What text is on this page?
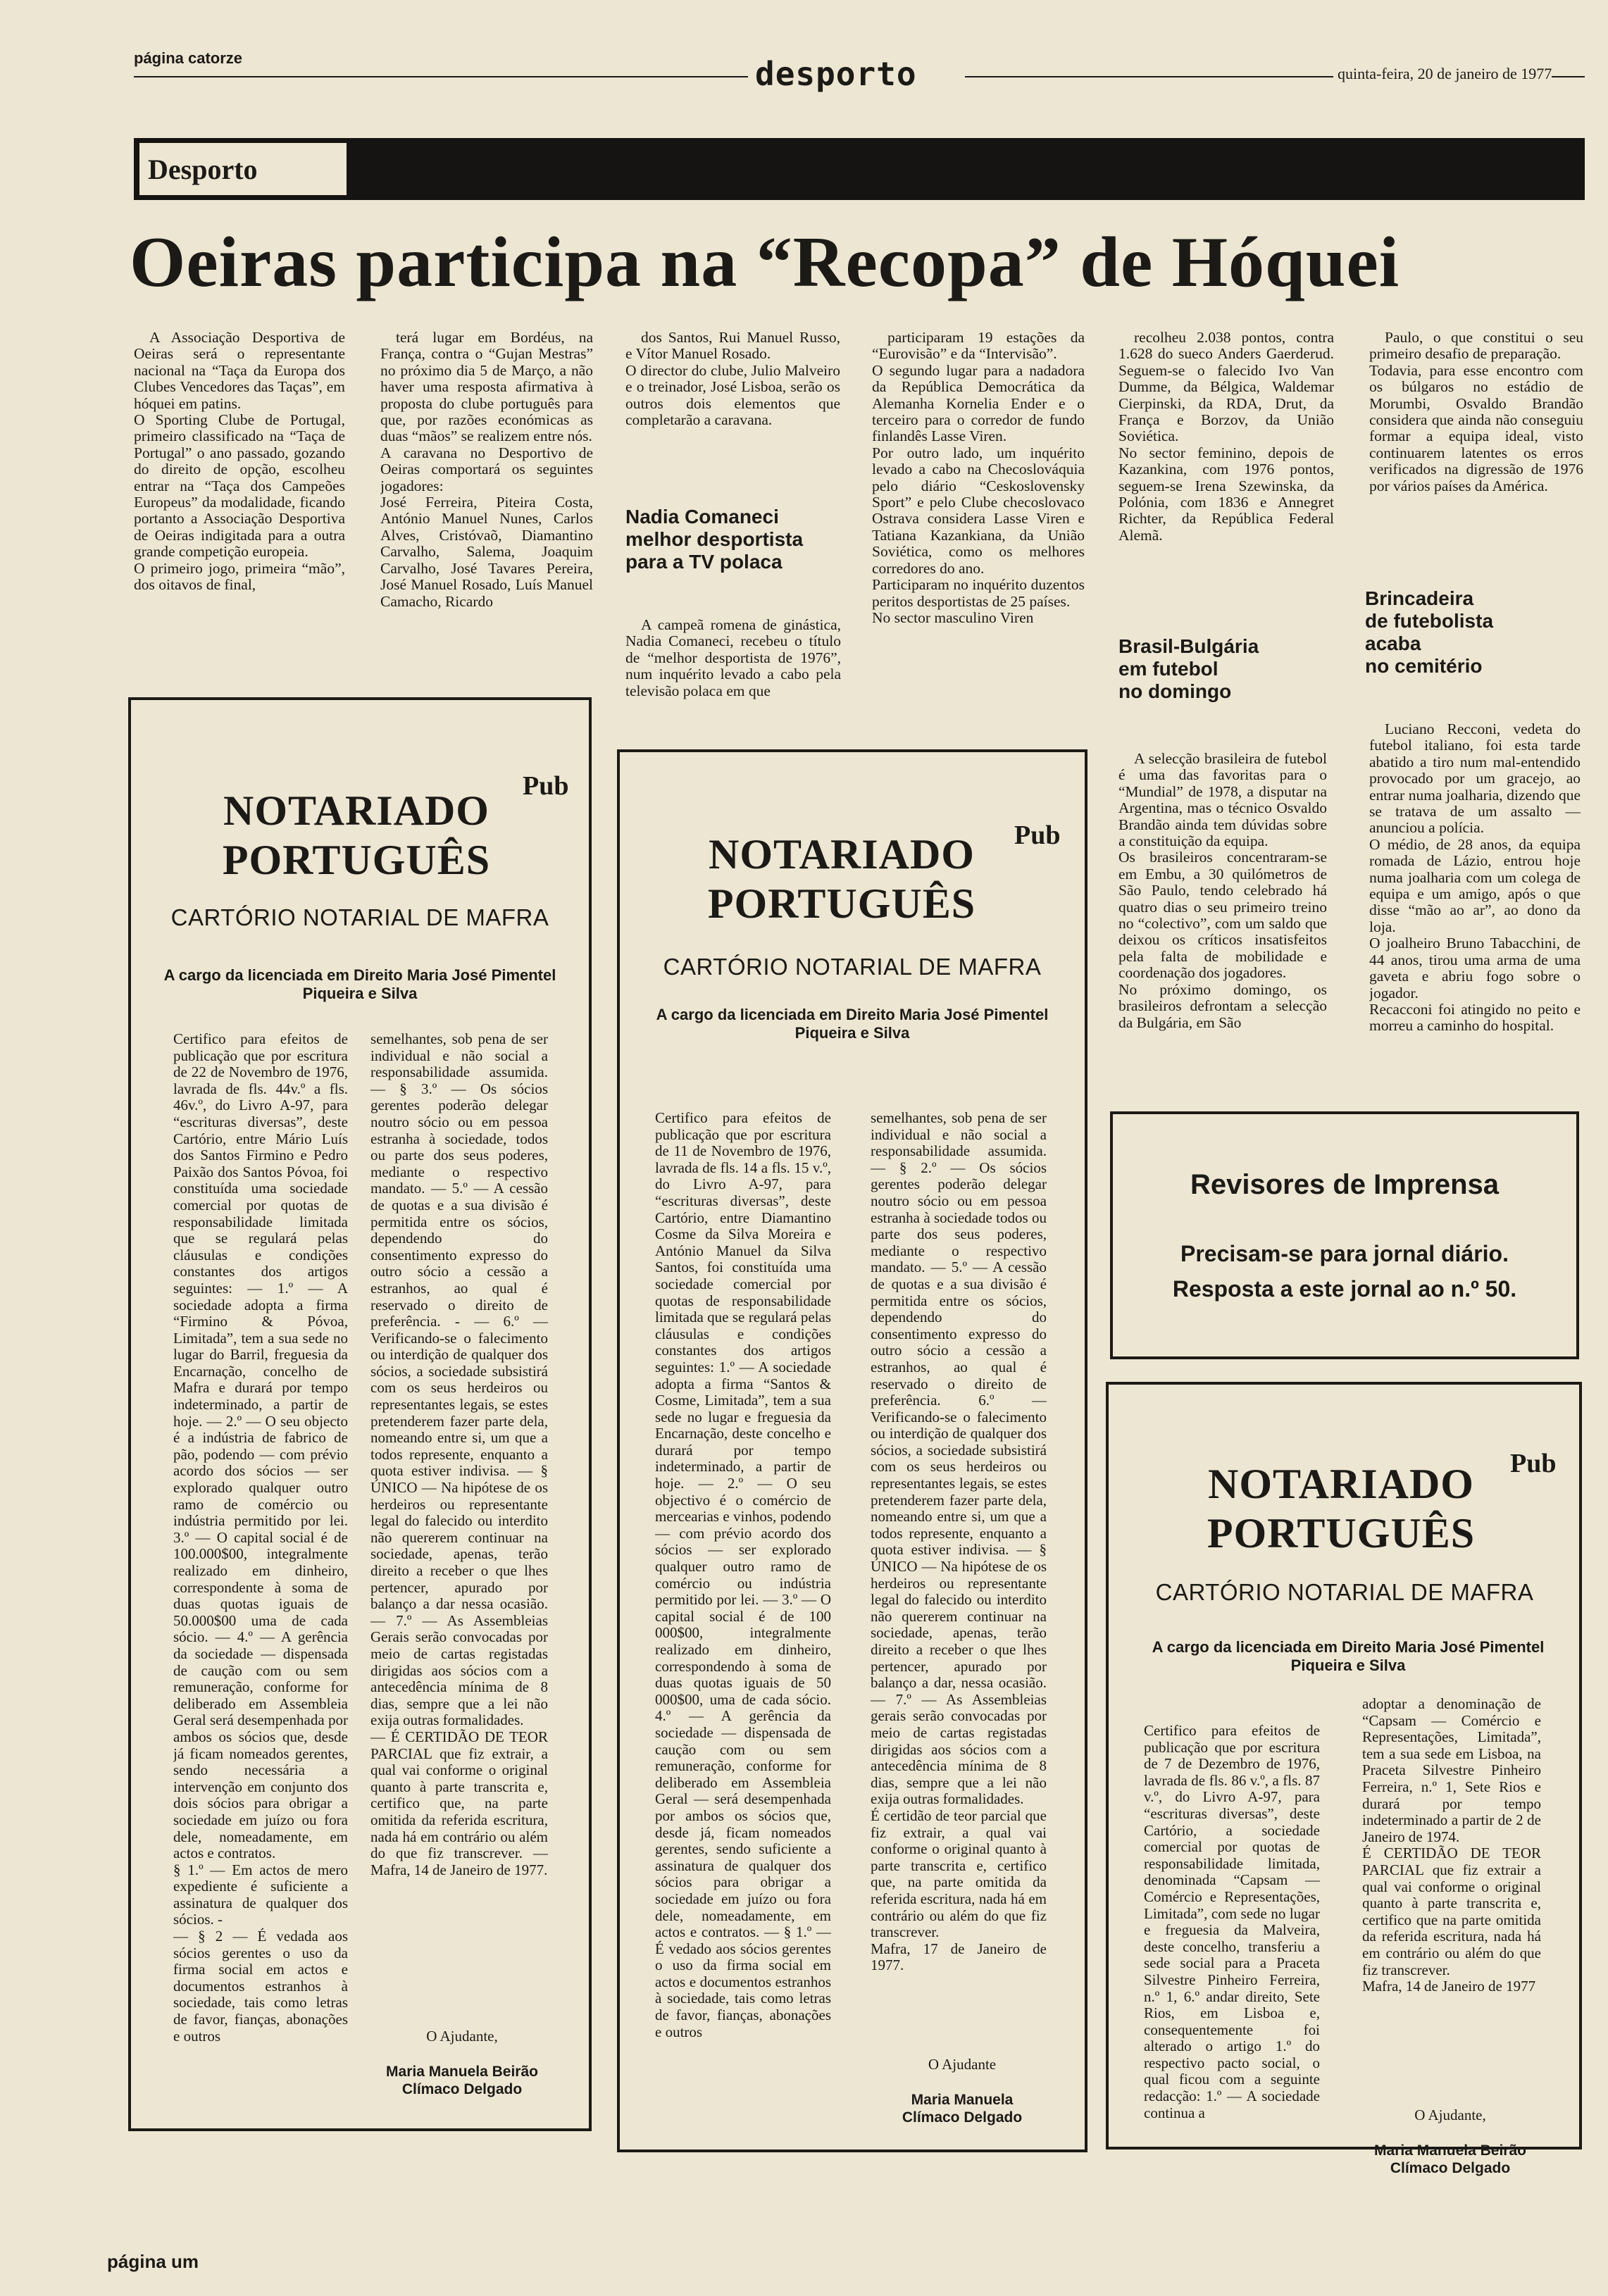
página catorze	desporto	quinta-feira, 20 de janeiro de 1977
Desporto
Oeiras participa na “Recopa” de Hóquei
A Associação Desportiva de Oeiras será o representante nacional na “Taça da Europa dos Clubes Vencedores das Taças”, em hóquei em patins.
O Sporting Clube de Portugal, primeiro classificado na “Taça de Portugal” o ano passado, gozando do direito de opção, escolheu entrar na “Taça dos Campeões Europeus” da modalidade, ficando portanto a Associação Desportiva de Oeiras indigitada para a outra grande competição europeia.
O primeiro jogo, primeira “mão”, dos oitavos de final,
terá lugar em Bordéus, na França, contra o “Gujan Mestras” no próximo dia 5 de Março, a não haver uma resposta afirmativa à proposta do clube português para que, por razões económicas as duas “mãos” se realizem entre nós.
A caravana no Desportivo de Oeiras comportará os seguintes jogadores:
José Ferreira, Piteira Costa, António Manuel Nunes, Carlos Alves, Cristóvaõ, Diamantino Carvalho, Salema, Joaquim Carvalho, José Tavares Pereira, José Manuel Rosado, Luís Manuel Camacho, Ricardo
dos Santos, Rui Manuel Russo, e Vítor Manuel Rosado.
O director do clube, Julio Malveiro e o treinador, José Lisboa, serão os outros dois elementos que completarão a caravana.
Nadia Comaneci
melhor desportista
para a TV polaca
A campeã romena de ginástica, Nadia Comaneci, recebeu o título de “melhor desportista de 1976”, num inquérito levado a cabo pela televisão polaca em que
participaram 19 estações da “Eurovisão” e da “Intervisão”.
O segundo lugar para a nadadora da República Democrática da Alemanha Kornelia Ender e o terceiro para o corredor de fundo finlandês Lasse Viren.
Por outro lado, um inquérito levado a cabo na Checoslováquia pelo diário “Ceskoslovensky Sport” e pelo Clube checoslovaco Ostrava considera Lasse Viren e Tatiana Kazankiana, da União Soviética, como os melhores corredores do ano.
Participaram no inquérito duzentos peritos desportistas de 25 países.
No sector masculino Viren
recolheu 2.038 pontos, contra 1.628 do sueco Anders Gaerderud. Seguem-se o falecido Ivo Van Dumme, da Bélgica, Waldemar Cierpinski, da RDA, Drut, da França e Borzov, da União Soviética.
No sector feminino, depois de Kazankina, com 1976 pontos, seguem-se Irena Szewinska, da Polónia, com 1836 e Annegret Richter, da República Federal Alemã.
Paulo, o que constitui o seu primeiro desafio de preparação.
Todavia, para esse encontro com os búlgaros no estádio de Morumbi, Osvaldo Brandão considera que ainda não conseguiu formar a equipa ideal, visto continuarem latentes os erros verificados na digressão de 1976 por vários países da América.
Brasil-Bulgária
em futebol
no domingo
A selecção brasileira de futebol é uma das favoritas para o “Mundial” de 1978, a disputar na Argentina, mas o técnico Osvaldo Brandão ainda tem dúvidas sobre a constituição da equipa.
Os brasileiros concentraram-se em Embu, a 30 quilómetros de São Paulo, tendo celebrado há quatro dias o seu primeiro treino no “colectivo”, com um saldo que deixou os críticos insatisfeitos pela falta de mobilidade e coordenação dos jogadores.
No próximo domingo, os brasileiros defrontam a selecção da Bulgária, em São
Brincadeira
de futebolista
acaba
no cemitério
Luciano Recconi, vedeta do futebol italiano, foi esta tarde abatido a tiro num mal-entendido provocado por um gracejo, ao entrar numa joalharia, dizendo que se tratava de um assalto — anunciou a polícia.
O médio, de 28 anos, da equipa romada de Lázio, entrou hoje numa joalharia com um colega de equipa e um amigo, após o que disse “mão ao ar”, ao dono da loja.
O joalheiro Bruno Tabacchini, de 44 anos, tirou uma arma de uma gaveta e abriu fogo sobre o jogador.
Recacconi foi atingido no peito e morreu a caminho do hospital.
Revisores de Imprensa
Precisam-se para jornal diário.
Resposta a este jornal ao n.º 50.
Pub
NOTARIADO
PORTUGUÊS
CARTÓRIO NOTARIAL DE MAFRA
A cargo da licenciada em Direito Maria José Pimentel
Piqueira e Silva
Certifico para efeitos de publicação que por escritura de 22 de Novembro de 1976, lavrada de fls. 44v.º a fls. 46v.º, do Livro A-97, para “escrituras diversas”, deste Cartório, entre Mário Luís dos Santos Firmino e Pedro Paixão dos Santos Póvoa, foi constituída uma sociedade comercial por quotas de responsabilidade limitada que se regulará pelas cláusulas e condições constantes dos artigos seguintes: — 1.º — A sociedade adopta a firma “Firmino & Póvoa, Limitada”, tem a sua sede no lugar do Barril, freguesia da Encarnação, concelho de Mafra e durará por tempo indeterminado, a partir de hoje. — 2.º — O seu objecto é a indústria de fabrico de pão, podendo — com prévio acordo dos sócios — ser explorado qualquer outro ramo de comércio ou indústria permitido por lei. 3.º — O capital social é de 100.000$00, integralmente realizado em dinheiro, correspondente à soma de duas quotas iguais de 50.000$00 uma de cada sócio. — 4.º — A gerência da sociedade — dispensada de caução com ou sem remuneração, conforme for deliberado em Assembleia Geral será desempenhada por ambos os sócios que, desde já ficam nomeados gerentes, sendo necessária a intervenção em conjunto dos dois sócios para obrigar a sociedade em juízo ou fora dele, nomeadamente, em actos e contratos.
§ 1.º — Em actos de mero expediente é suficiente a assinatura de qualquer dos sócios. -
— § 2 — É vedada aos sócios gerentes o uso da firma social em actos e documentos estranhos à sociedade, tais como letras de favor, fianças, abonações e outros
semelhantes, sob pena de ser individual e não social a responsabilidade assumida. — § 3.º — Os sócios gerentes poderão delegar noutro sócio ou em pessoa estranha à sociedade, todos ou parte dos seus poderes, mediante o respectivo mandato. — 5.º — A cessão de quotas e a sua divisão é permitida entre os sócios, dependendo do consentimento expresso do outro sócio a cessão a estranhos, ao qual é reservado o direito de preferência. - — 6.º — Verificando-se o falecimento ou interdição de qualquer dos sócios, a sociedade subsistirá com os seus herdeiros ou representantes legais, se estes pretenderem fazer parte dela, nomeando entre si, um que a todos represente, enquanto a quota estiver indivisa. — § ÚNICO — Na hipótese de os herdeiros ou representante legal do falecido ou interdito não quererem continuar na sociedade, apenas, terão direito a receber o que lhes pertencer, apurado por balanço a dar nessa ocasião. — 7.º — As Assembleias Gerais serão convocadas por meio de cartas registadas dirigidas aos sócios com a antecedência mínima de 8 dias, sempre que a lei não exija outras formalidades.
— É CERTIDÃO DE TEOR PARCIAL que fiz extrair, a qual vai conforme o original quanto à parte transcrita e, certifico que, na parte omitida da referida escritura, nada há em contrário ou além do que fiz transcrever. — Mafra, 14 de Janeiro de 1977.

O Ajudante,

Maria Manuela Beirão
Clímaco Delgado

Pub
NOTARIADO
PORTUGUÊS
CARTÓRIO NOTARIAL DE MAFRA
A cargo da licenciada em Direito Maria José Pimentel
Piqueira e Silva
Certifico para efeitos de publicação que por escritura de 11 de Novembro de 1976, lavrada de fls. 14 a fls. 15 v.º, do Livro A-97, para “escrituras diversas”, deste Cartório, entre Diamantino Cosme da Silva Moreira e António Manuel da Silva Santos, foi constituída uma sociedade comercial por quotas de responsabilidade limitada que se regulará pelas cláusulas e condições constantes dos artigos seguintes: 1.º — A sociedade adopta a firma “Santos & Cosme, Limitada”, tem a sua sede no lugar e freguesia da Encarnação, deste concelho e durará por tempo indeterminado, a partir de hoje. — 2.º — O seu objectivo é o comércio de mercearias e vinhos, podendo — com prévio acordo dos sócios — ser explorado qualquer outro ramo de comércio ou indústria permitido por lei. — 3.º — O capital social é de 100 000$00, integralmente realizado em dinheiro, correspondendo à soma de duas quotas iguais de 50 000$00, uma de cada sócio. 4.º — A gerência da sociedade — dispensada de caução com ou sem remuneração, conforme for deliberado em Assembleia Geral — será desempenhada por ambos os sócios que, desde já, ficam nomeados gerentes, sendo suficiente a assinatura de qualquer dos sócios para obrigar a sociedade em juízo ou fora dele, nomeadamente, em actos e contratos. — § 1.º — É vedado aos sócios gerentes o uso da firma social em actos e documentos estranhos à sociedade, tais como letras de favor, fianças, abonações e outros
semelhantes, sob pena de ser individual e não social a responsabilidade assumida. — § 2.º — Os sócios gerentes poderão delegar noutro sócio ou em pessoa estranha à sociedade todos ou parte dos seus poderes, mediante o respectivo mandato. — 5.º — A cessão de quotas e a sua divisão é permitida entre os sócios, dependendo do consentimento expresso do outro sócio a cessão a estranhos, ao qual é reservado o direito de preferência. 6.º — Verificando-se o falecimento ou interdição de qualquer dos sócios, a sociedade subsistirá com os seus herdeiros ou representantes legais, se estes pretenderem fazer parte dela, nomeando entre si, um que a todos represente, enquanto a quota estiver indivisa. — § ÚNICO — Na hipótese de os herdeiros ou representante legal do falecido ou interdito não quererem continuar na sociedade, apenas, terão direito a receber o que lhes pertencer, apurado por balanço a dar, nessa ocasião. — 7.º — As Assembleias gerais serão convocadas por meio de cartas registadas dirigidas aos sócios com a antecedência mínima de 8 dias, sempre que a lei não exija outras formalidades.
É certidão de teor parcial que fiz extrair, a qual vai conforme o original quanto à parte transcrita e, certifico que, na parte omitida da referida escritura, nada há em contrário ou além do que fiz transcrever.
Mafra, 17 de Janeiro de 1977.

O Ajudante

Maria Manuela
Clímaco Delgado

Pub
NOTARIADO
PORTUGUÊS
CARTÓRIO NOTARIAL DE MAFRA
A cargo da licenciada em Direito Maria José Pimentel
Piqueira e Silva
Certifico para efeitos de publicação que por escritura de 7 de Dezembro de 1976, lavrada de fls. 86 v.º, a fls. 87 v.º, do Livro A-97, para “escrituras diversas”, deste Cartório, a sociedade comercial por quotas de responsabilidade limitada, denominada “Capsam — Comércio e Representações, Limitada”, com sede no lugar e freguesia da Malveira, deste concelho, transferiu a sede social para a Praceta Silvestre Pinheiro Ferreira, n.º 1, 6.º andar direito, Sete Rios, em Lisboa e, consequentemente foi alterado o artigo 1.º do respectivo pacto social, o qual ficou com a seguinte redacção: 1.º — A sociedade continua a
adoptar a denominação de “Capsam — Comércio e Representações, Limitada”, tem a sua sede em Lisboa, na Praceta Silvestre Pinheiro Ferreira, n.º 1, Sete Rios e durará por tempo indeterminado a partir de 2 de Janeiro de 1974.
É CERTIDÃO DE TEOR PARCIAL que fiz extrair a qual vai conforme o original quanto à parte transcrita e, certifico que na parte omitida da referida escritura, nada há em contrário ou além do que fiz transcrever.
Mafra, 14 de Janeiro de 1977

O Ajudante,

Maria Manuela Beirão
Clímaco Delgado

página um
